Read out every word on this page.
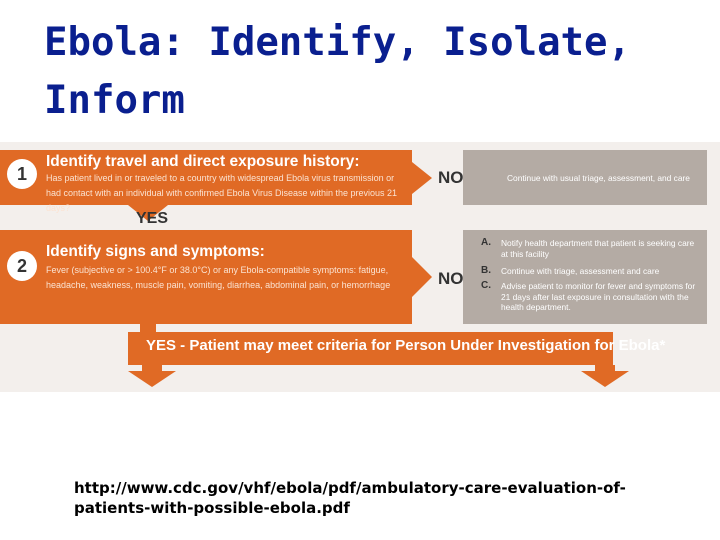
Ebola: Identify, Isolate, Inform
1
Identify travel and direct exposure history:
Has patient lived in or traveled to a country with widespread Ebola virus transmission or had contact with an individual with confirmed Ebola Virus Disease within the previous 21 days?
NO	Continue with usual triage, assessment, and care
YES
2
Identify signs and symptoms:
Fever (subjective or > 100.4°F or 38.0°C) or any Ebola-compatible symptoms: fatigue, headache, weakness, muscle pain, vomiting, diarrhea, abdominal pain, or hemorrhage	NO
A. Notify health department that patient is seeking care at this facility
B. Continue with triage, assessment and care
C. Advise patient to monitor for fever and symptoms for 21 days after last exposure in consultation with the health department.
YES - Patient may meet criteria for Person Under Investigation for Ebola*
http://www.cdc.gov/vhf/ebola/pdf/ambulatory-care-evaluation-of-patients-with-possible-ebola.pdf
